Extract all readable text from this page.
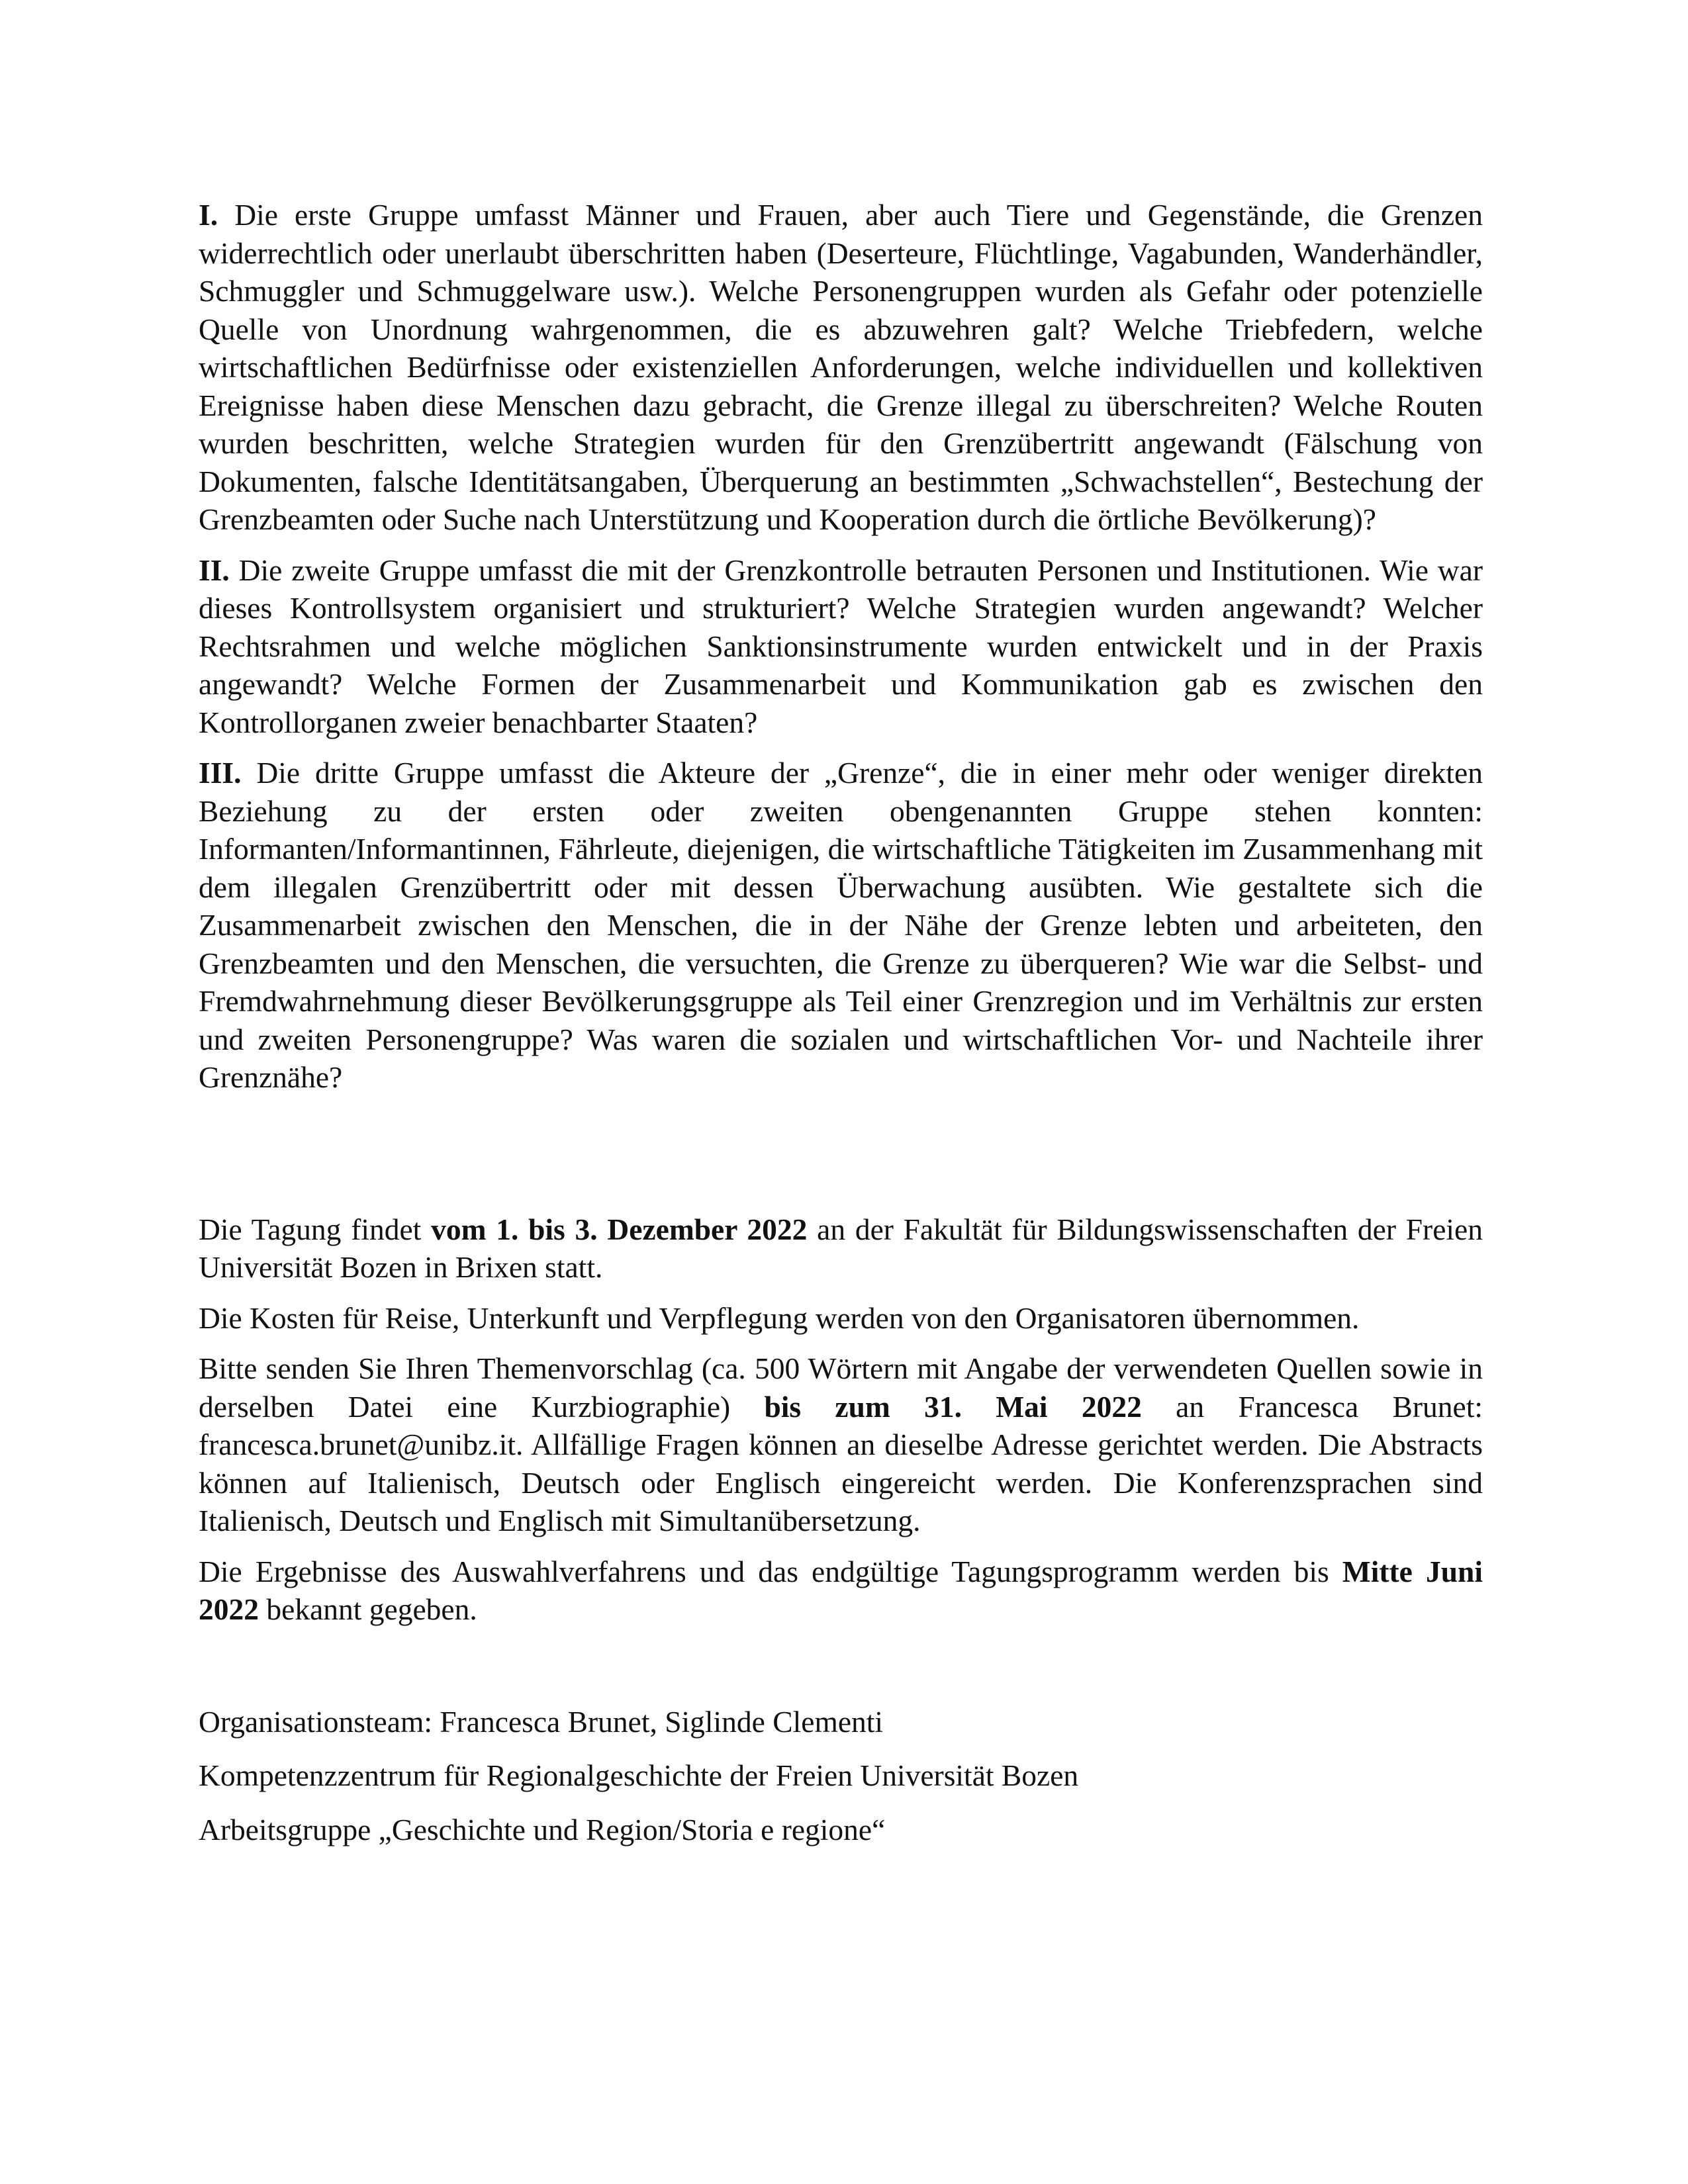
I. Die erste Gruppe umfasst Männer und Frauen, aber auch Tiere und Gegenstände, die Grenzen widerrechtlich oder unerlaubt überschritten haben (Deserteure, Flüchtlinge, Vagabunden, Wanderhändler, Schmuggler und Schmuggelware usw.). Welche Personengruppen wurden als Gefahr oder potenzielle Quelle von Unordnung wahrgenommen, die es abzuwehren galt? Welche Triebfedern, welche wirtschaftlichen Bedürfnisse oder existenziellen Anforderungen, welche individuellen und kollektiven Ereignisse haben diese Menschen dazu gebracht, die Grenze illegal zu überschreiten? Welche Routen wurden beschritten, welche Strategien wurden für den Grenzübertritt angewandt (Fälschung von Dokumenten, falsche Identitätsangaben, Überquerung an bestimmten „Schwachstellen“, Bestechung der Grenzbeamten oder Suche nach Unterstützung und Kooperation durch die örtliche Bevölkerung)?

II. Die zweite Gruppe umfasst die mit der Grenzkontrolle betrauten Personen und Institutionen. Wie war dieses Kontrollsystem organisiert und strukturiert? Welche Strategien wurden angewandt? Welcher Rechtsrahmen und welche möglichen Sanktionsinstrumente wurden entwickelt und in der Praxis angewandt? Welche Formen der Zusammenarbeit und Kommunikation gab es zwischen den Kontrollorganen zweier benachbarter Staaten?

III. Die dritte Gruppe umfasst die Akteure der „Grenze“, die in einer mehr oder weniger direkten Beziehung zu der ersten oder zweiten obengenannten Gruppe stehen konnten: Informanten/Informantinnen, Fährleute, diejenigen, die wirtschaftliche Tätigkeiten im Zusammenhang mit dem illegalen Grenzübertritt oder mit dessen Überwachung ausübten. Wie gestaltete sich die Zusammenarbeit zwischen den Menschen, die in der Nähe der Grenze lebten und arbeiteten, den Grenzbeamten und den Menschen, die versuchten, die Grenze zu überqueren? Wie war die Selbst- und Fremdwahrnehmung dieser Bevölkerungsgruppe als Teil einer Grenzregion und im Verhältnis zur ersten und zweiten Personengruppe? Was waren die sozialen und wirtschaftlichen Vor- und Nachteile ihrer Grenznähe?

Die Tagung findet vom 1. bis 3. Dezember 2022 an der Fakultät für Bildungswissenschaften der Freien Universität Bozen in Brixen statt.

Die Kosten für Reise, Unterkunft und Verpflegung werden von den Organisatoren übernommen.

Bitte senden Sie Ihren Themenvorschlag (ca. 500 Wörtern mit Angabe der verwendeten Quellen sowie in derselben Datei eine Kurzbiographie) bis zum 31. Mai 2022 an Francesca Brunet: francesca.brunet@unibz.it. Allfällige Fragen können an dieselbe Adresse gerichtet werden. Die Abstracts können auf Italienisch, Deutsch oder Englisch eingereicht werden. Die Konferenzsprachen sind Italienisch, Deutsch und Englisch mit Simultanübersetzung.

Die Ergebnisse des Auswahlverfahrens und das endgültige Tagungsprogramm werden bis Mitte Juni 2022 bekannt gegeben.

Organisationsteam: Francesca Brunet, Siglinde Clementi

Kompetenzzentrum für Regionalgeschichte der Freien Universität Bozen

Arbeitsgruppe „Geschichte und Region/Storia e regione“
